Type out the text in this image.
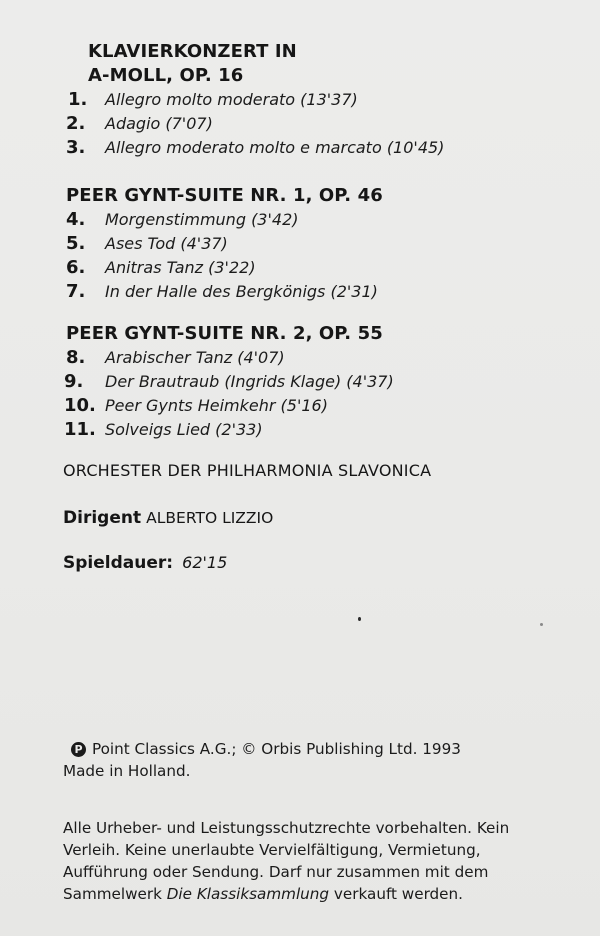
KLAVIERKONZERT IN
A-MOLL, OP. 16
1. Allegro molto moderato (13'37)
2. Adagio (7'07)
3. Allegro moderato molto e marcato (10'45)
PEER GYNT-SUITE NR. 1, OP. 46
4. Morgenstimmung (3'42)
5. Ases Tod (4'37)
6. Anitras Tanz (3'22)
7. In der Halle des Bergkönigs (2'31)
PEER GYNT-SUITE NR. 2, OP. 55
8. Arabischer Tanz (4'07)
9. Der Brautraub (Ingrids Klage) (4'37)
10. Peer Gynts Heimkehr (5'16)
11. Solveigs Lied (2'33)
ORCHESTER DER PHILHARMONIA SLAVONICA
Dirigent ALBERTO LIZZIO
Spieldauer: 62'15
P Point Classics A.G.; © Orbis Publishing Ltd. 1993
Made in Holland.
Alle Urheber- und Leistungsschutzrechte vorbehalten. Kein
Verleih. Keine unerlaubte Vervielfältigung, Vermietung,
Aufführung oder Sendung. Darf nur zusammen mit dem
Sammelwerk Die Klassiksammlung verkauft werden.
